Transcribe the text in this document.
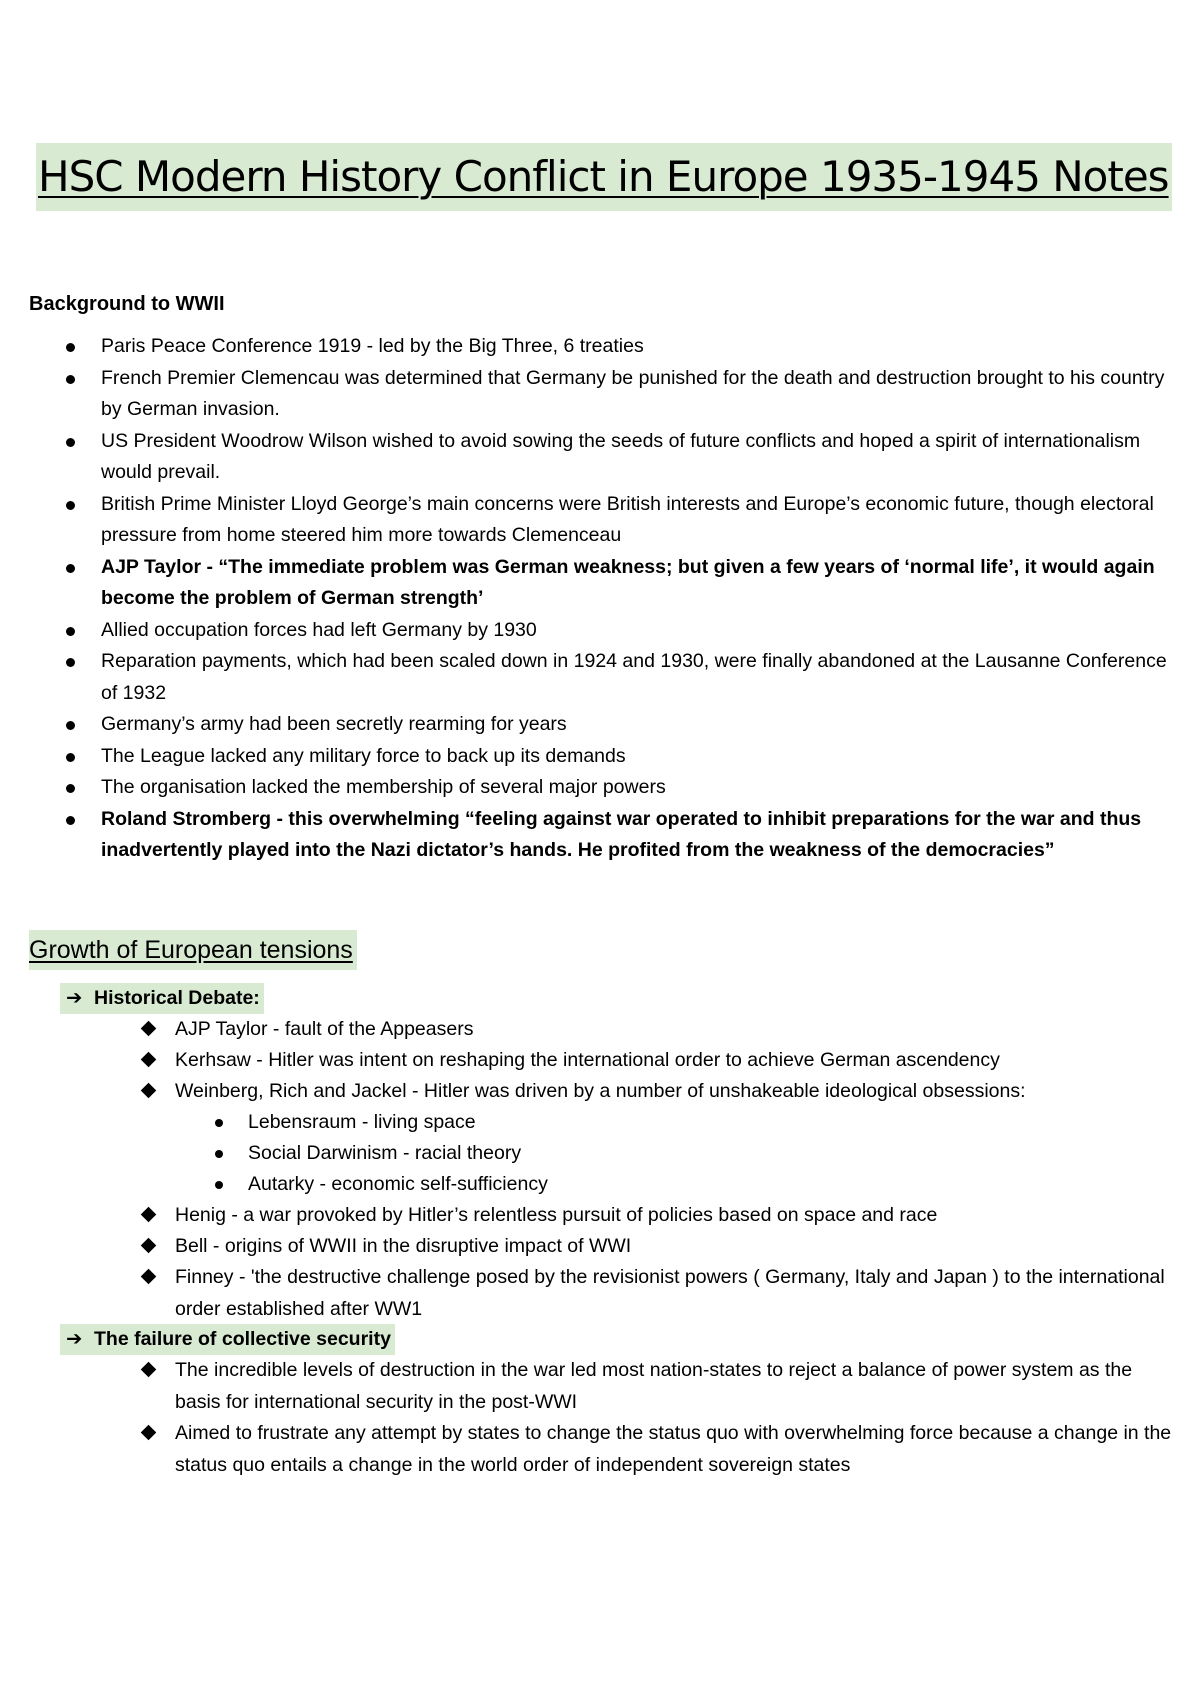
HSC Modern History Conflict in Europe 1935-1945 Notes
Background to WWII
Paris Peace Conference 1919 - led by the Big Three, 6 treaties
French Premier Clemencau was determined that Germany be punished for the death and destruction brought to his country by German invasion.
US President Woodrow Wilson wished to avoid sowing the seeds of future conflicts and hoped a spirit of internationalism would prevail.
British Prime Minister Lloyd George’s main concerns were British interests and Europe’s economic future, though electoral pressure from home steered him more towards Clemenceau
AJP Taylor - “The immediate problem was German weakness; but given a few years of ‘normal life’, it would again become the problem of German strength’
Allied occupation forces had left Germany by 1930
Reparation payments, which had been scaled down in 1924 and 1930, were finally abandoned at the Lausanne Conference of 1932
Germany’s army had been secretly rearming for years
The League lacked any military force to back up its demands
The organisation lacked the membership of several major powers
Roland Stromberg - this overwhelming “feeling against war operated to inhibit preparations for the war and thus inadvertently played into the Nazi dictator’s hands. He profited from the weakness of the democracies”
Growth of European tensions
➔ Historical Debate:
AJP Taylor - fault of the Appeasers
Kerhsaw - Hitler was intent on reshaping the international order to achieve German ascendency
Weinberg, Rich and Jackel - Hitler was driven by a number of unshakeable ideological obsessions:
Lebensraum - living space
Social Darwinism - racial theory
Autarky - economic self-sufficiency
Henig - a war provoked by Hitler’s relentless pursuit of policies based on space and race
Bell - origins of WWII in the disruptive impact of WWI
Finney - 'the destructive challenge posed by the revisionist powers ( Germany, Italy and Japan ) to the international order established after WW1
➔ The failure of collective security
The incredible levels of destruction in the war led most nation-states to reject a balance of power system as the basis for international security in the post-WWI
Aimed to frustrate any attempt by states to change the status quo with overwhelming force because a change in the status quo entails a change in the world order of independent sovereign states
